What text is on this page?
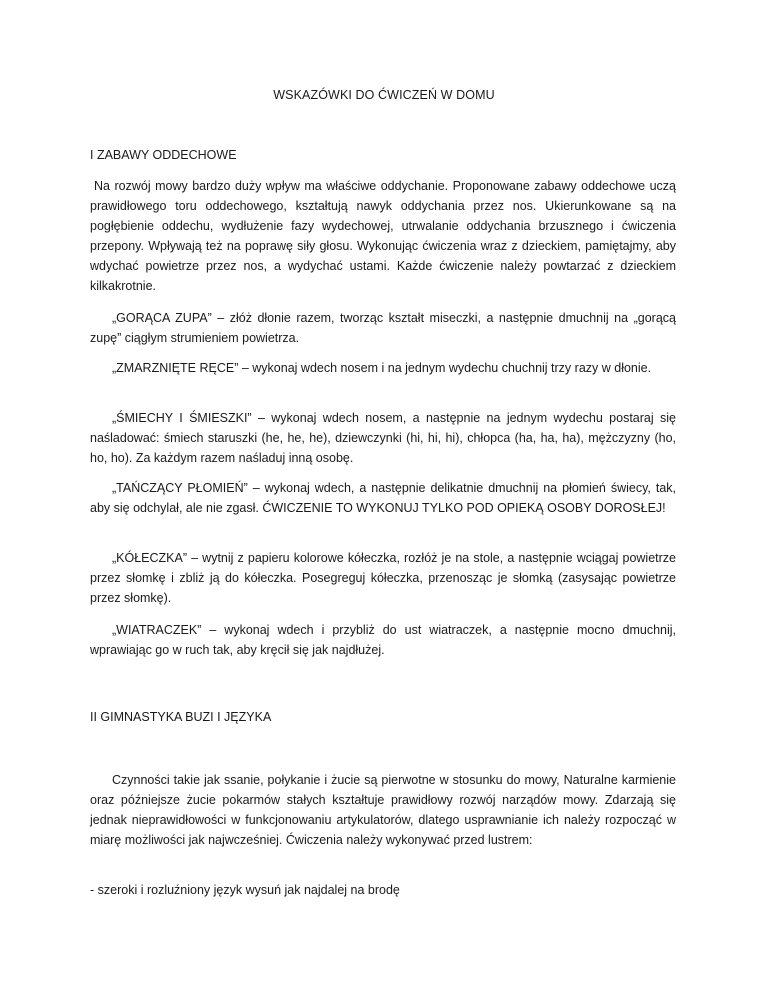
WSKAZÓWKI DO ĆWICZEŃ W DOMU
I ZABAWY ODDECHOWE

Na rozwój mowy bardzo duży wpływ ma właściwe oddychanie. Proponowane zabawy oddechowe uczą prawidłowego toru oddechowego, kształtują nawyk oddychania przez nos. Ukierunkowane są na pogłębienie oddechu, wydłużenie fazy wydechowej, utrwalanie oddychania brzusznego i ćwiczenia przepony. Wpływają też na poprawę siły głosu. Wykonując ćwiczenia wraz z dzieckiem, pamiętajmy, aby wdychać powietrze przez nos, a wydychać ustami. Każde ćwiczenie należy powtarzać z dzieckiem kilkakrotnie.

„GORĄCA ZUPA” – złóż dłonie razem, tworząc kształt miseczki, a następnie dmuchnij na „gorącą zupę” ciągłym strumieniem powietrza.

„ZMARZNIĘTE RĘCE” – wykonaj wdech nosem i na jednym wydechu chuchnij trzy razy w dłonie.

„ŚMIECHY I ŚMIESZKI” – wykonaj wdech nosem, a następnie na jednym wydechu postaraj się naśladować: śmiech staruszki (he, he, he), dziewczynki (hi, hi, hi), chłopca (ha, ha, ha), mężczyzny (ho, ho, ho). Za każdym razem naśladuj inną osobę.

„TAŃCZĄCY PŁOMIEŃ” – wykonaj wdech, a następnie delikatnie dmuchnij na płomień świecy, tak, aby się odchylał, ale nie zgasł. ĆWICZENIE TO WYKONUJ TYLKO POD OPIEKĄ OSOBY DOROSŁEJ!

„KÓŁECZKA” – wytnij z papieru kolorowe kółeczka, rozłóż je na stole, a następnie wciągaj powietrze przez słomkę i zbliż ją do kółeczka. Posegreguj kółeczka, przenosząc je słomką (zasysając powietrze przez słomkę).

„WIATRACZEK” – wykonaj wdech i przybliż do ust wiatraczek, a następnie mocno dmuchnij, wprawiając go w ruch tak, aby kręcił się jak najdłużej.

II GIMNASTYKA BUZI I JĘZYKA

Czynności takie jak ssanie, połykanie i żucie są pierwotne w stosunku do mowy, Naturalne karmienie oraz późniejsze żucie pokarmów stałych kształtuje prawidłowy rozwój narządów mowy. Zdarzają się jednak nieprawidłowości w funkcjonowaniu artykulatorów, dlatego usprawnianie ich należy rozpocząć w miarę możliwości jak najwcześniej. Ćwiczenia należy wykonywać przed lustrem:

- szeroki i rozluźniony język wysuń jak najdalej na brodę
